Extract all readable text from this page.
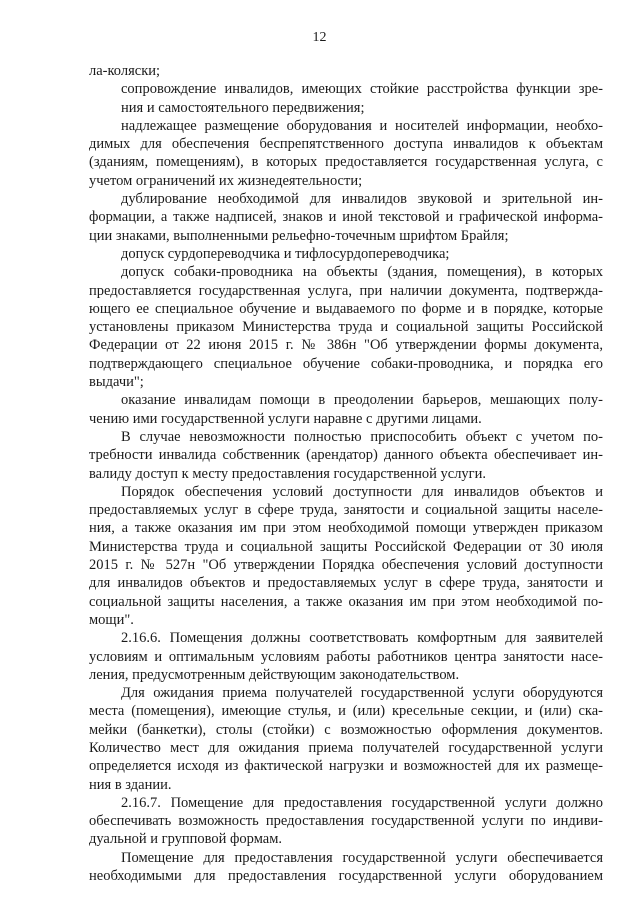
12
ла-коляски;
сопровождение инвалидов, имеющих стойкие расстройства функции зре-
ния и самостоятельного передвижения;
надлежащее размещение оборудования и носителей информации, необхо-
димых для обеспечения беспрепятственного доступа инвалидов к объектам
(зданиям, помещениям), в которых предоставляется государственная услуга, с
учетом ограничений их жизнедеятельности;
дублирование необходимой для инвалидов звуковой и зрительной ин-
формации, а также надписей, знаков и иной текстовой и графической информа-
ции знаками, выполненными рельефно-точечным шрифтом Брайля;
допуск сурдопереводчика и тифлосурдопереводчика;
допуск собаки-проводника на объекты (здания, помещения), в которых
предоставляется государственная услуга, при наличии документа, подтвержда-
ющего ее специальное обучение и выдаваемого по форме и в порядке, которые
установлены приказом Министерства труда и социальной защиты Российской
Федерации от 22 июня 2015 г. № 386н "Об утверждении формы документа,
подтверждающего специальное обучение собаки-проводника, и порядка его
выдачи";
оказание инвалидам помощи в преодолении барьеров, мешающих полу-
чению ими государственной услуги наравне с другими лицами.
В случае невозможности полностью приспособить объект с учетом по-
требности инвалида собственник (арендатор) данного объекта обеспечивает ин-
валиду доступ к месту предоставления государственной услуги.
Порядок обеспечения условий доступности для инвалидов объектов и
предоставляемых услуг в сфере труда, занятости и социальной защиты населе-
ния, а также оказания им при этом необходимой помощи утвержден приказом
Министерства труда и социальной защиты Российской Федерации от 30 июля
2015 г. № 527н "Об утверждении Порядка обеспечения условий доступности
для инвалидов объектов и предоставляемых услуг в сфере труда, занятости и
социальной защиты населения, а также оказания им при этом необходимой по-
мощи".
2.16.6. Помещения должны соответствовать комфортным для заявителей
условиям и оптимальным условиям работы работников центра занятости насе-
ления, предусмотренным действующим законодательством.
Для ожидания приема получателей государственной услуги оборудуются
места (помещения), имеющие стулья, и (или) кресельные секции, и (или) ска-
мейки (банкетки), столы (стойки) с возможностью оформления документов.
Количество мест для ожидания приема получателей государственной услуги
определяется исходя из фактической нагрузки и возможностей для их размеще-
ния в здании.
2.16.7. Помещение для предоставления государственной услуги должно
обеспечивать возможность предоставления государственной услуги по индиви-
дуальной и групповой формам.
Помещение для предоставления государственной услуги обеспечивается
необходимыми для предоставления государственной услуги оборудованием
